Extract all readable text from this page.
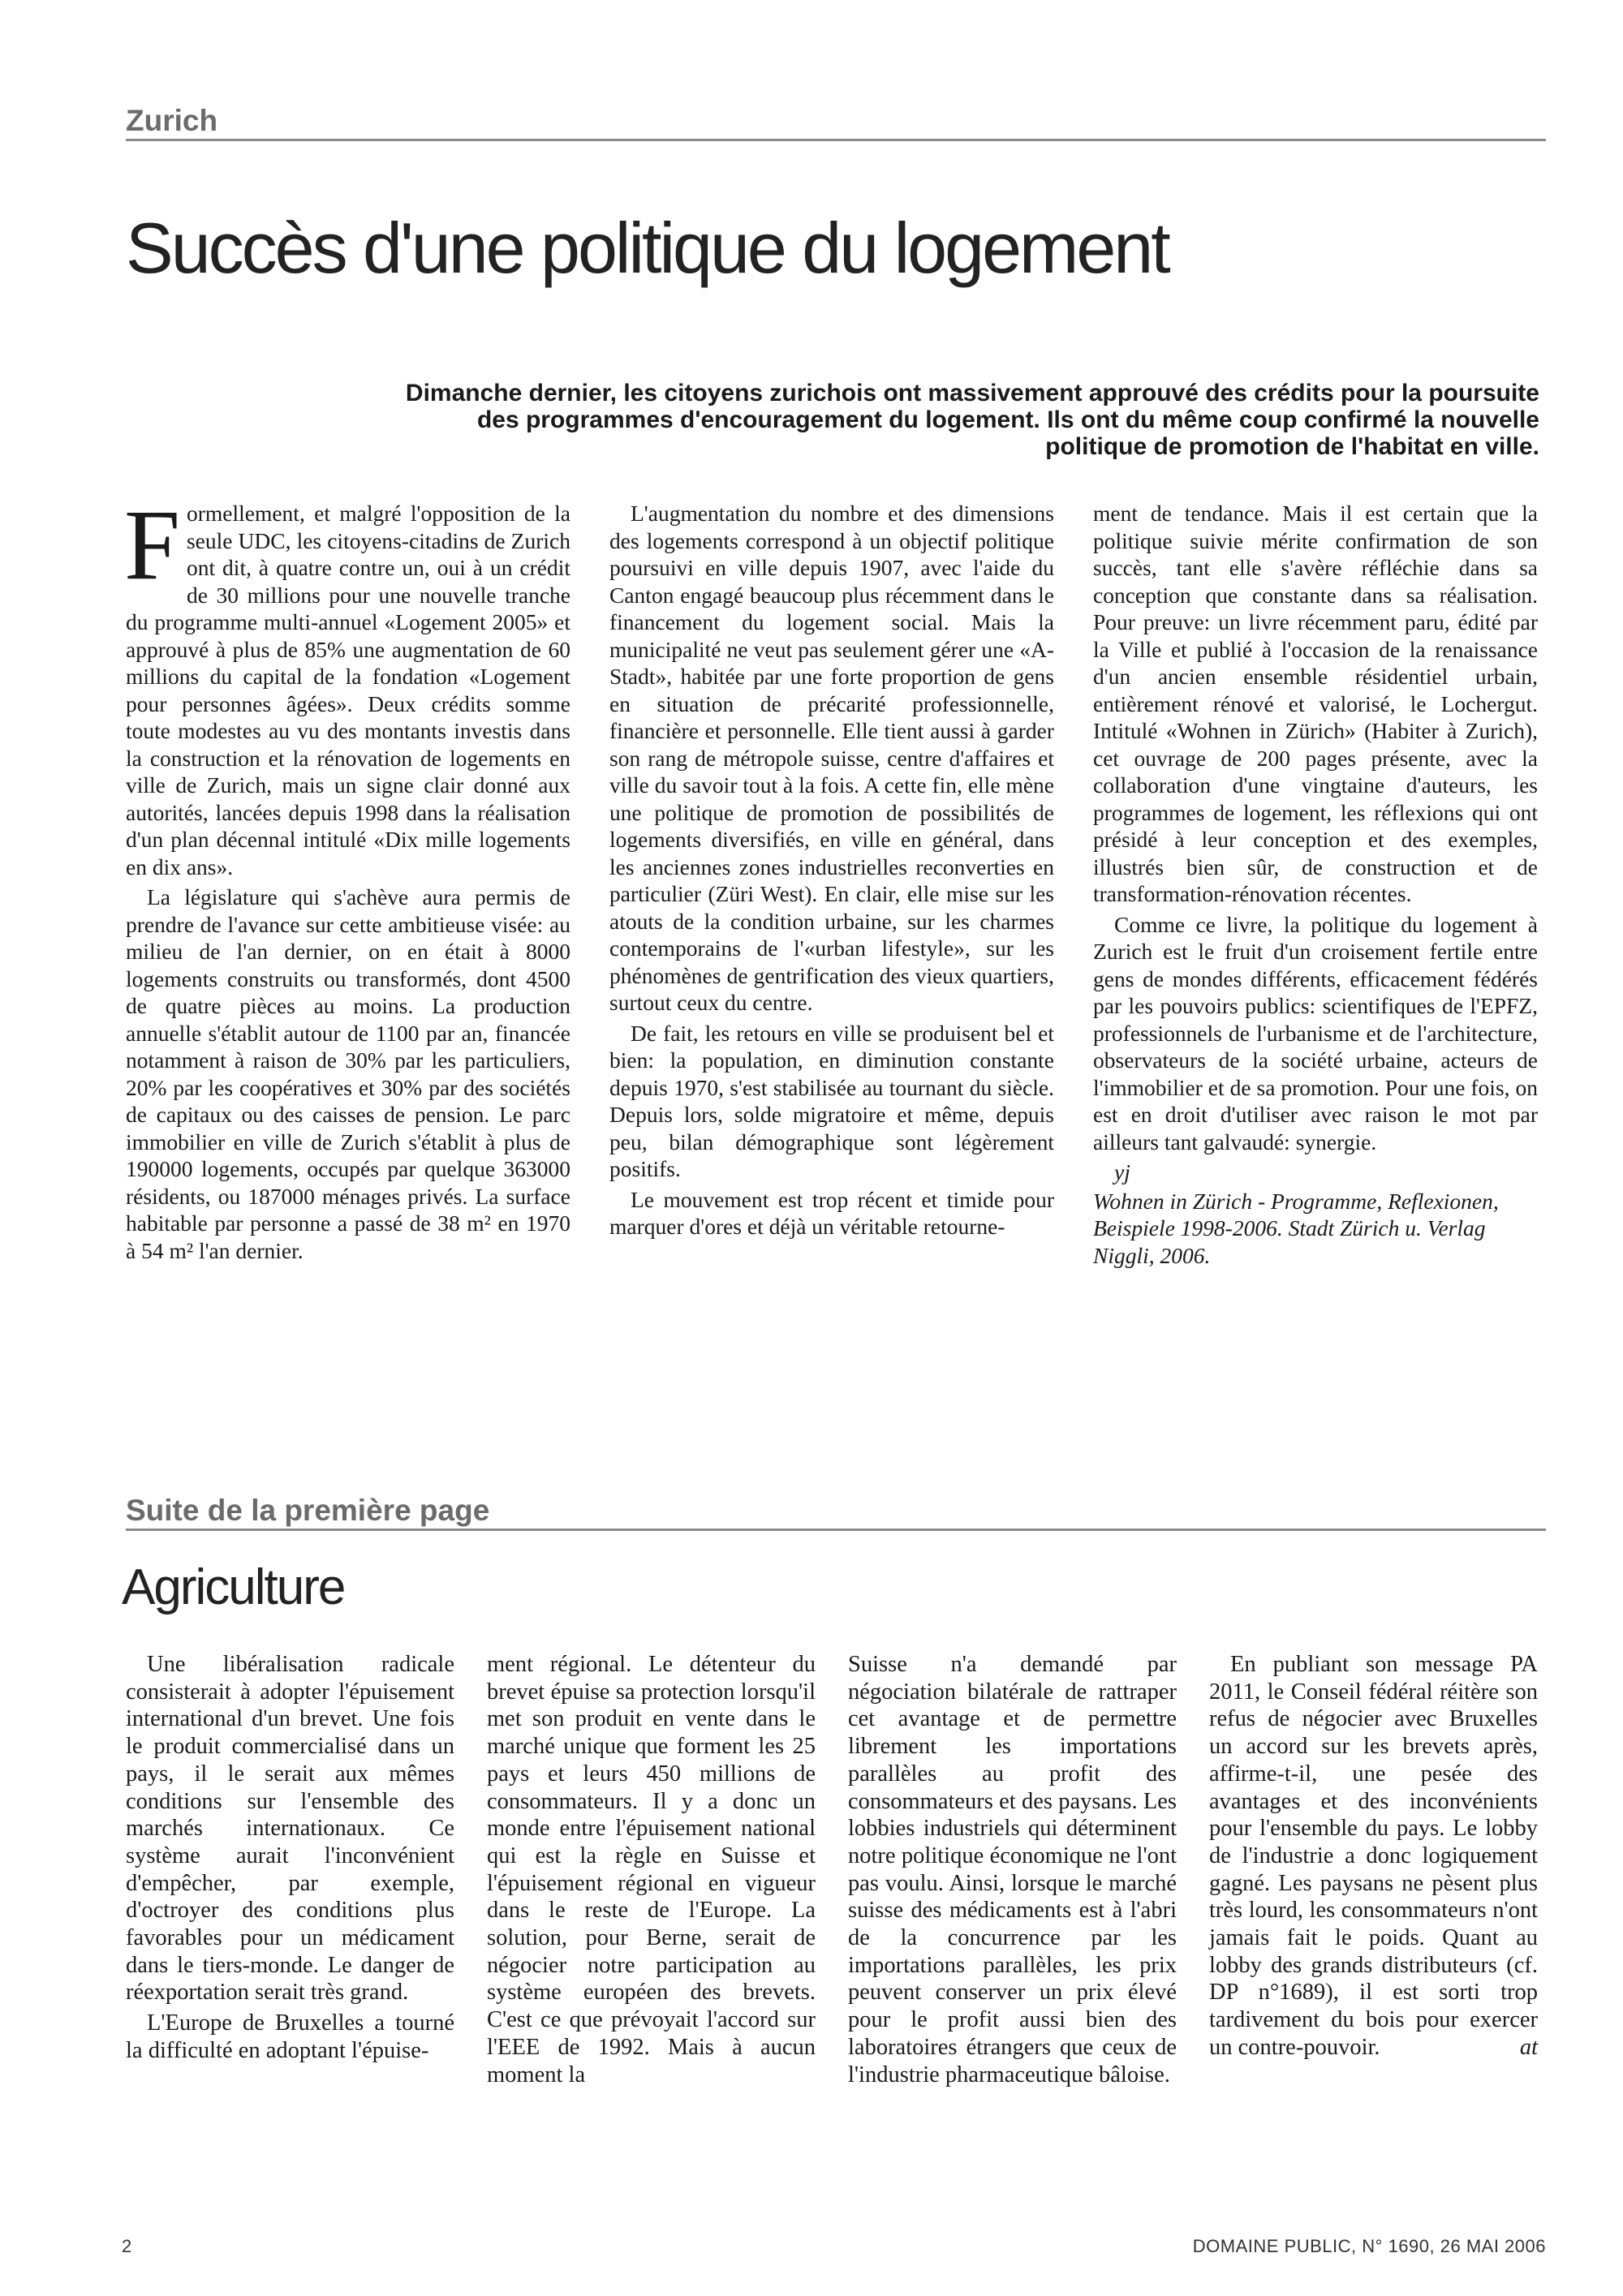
Zurich
Succès d'une politique du logement

Dimanche dernier, les citoyens zurichois ont massivement approuvé des crédits pour la poursuite des programmes d'encouragement du logement. Ils ont du même coup confirmé la nouvelle politique de promotion de l'habitat en ville.

Formellement, et malgré l'opposition de la seule UDC, les citoyens-citadins de Zurich ont dit, à quatre contre un, oui à un crédit de 30 millions pour une nouvelle tranche du programme multi-annuel «Logement 2005» et approuvé à plus de 85% une augmentation de 60 millions du capital de la fondation «Logement pour personnes âgées». Deux crédits somme toute modestes au vu des montants investis dans la construction et la rénovation de logements en ville de Zurich, mais un signe clair donné aux autorités, lancées depuis 1998 dans la réalisation d'un plan décennal intitulé «Dix mille logements en dix ans».

La législature qui s'achève aura permis de prendre de l'avance sur cette ambitieuse visée: au milieu de l'an dernier, on en était à 8000 logements construits ou transformés, dont 4500 de quatre pièces au moins. La production annuelle s'établit autour de 1100 par an, financée notamment à raison de 30% par les particuliers, 20% par les coopératives et 30% par des sociétés de capitaux ou des caisses de pension. Le parc immobilier en ville de Zurich s'établit à plus de 190000 logements, occupés par quelque 363000 résidents, ou 187000 ménages privés. La surface habitable par personne a passé de 38 m² en 1970 à 54 m² l'an dernier.

L'augmentation du nombre et des dimensions des logements correspond à un objectif politique poursuivi en ville depuis 1907, avec l'aide du Canton engagé beaucoup plus récemment dans le financement du logement social. Mais la municipalité ne veut pas seulement gérer une «A-Stadt», habitée par une forte proportion de gens en situation de précarité professionnelle, financière et personnelle. Elle tient aussi à garder son rang de métropole suisse, centre d'affaires et ville du savoir tout à la fois. A cette fin, elle mène une politique de promotion de possibilités de logements diversifiés, en ville en général, dans les anciennes zones industrielles reconverties en particulier (Züri West). En clair, elle mise sur les atouts de la condition urbaine, sur les charmes contemporains de l'«urban lifestyle», sur les phénomènes de gentrification des vieux quartiers, surtout ceux du centre.

De fait, les retours en ville se produisent bel et bien: la population, en diminution constante depuis 1970, s'est stabilisée au tournant du siècle. Depuis lors, solde migratoire et même, depuis peu, bilan démographique sont légèrement positifs.

Le mouvement est trop récent et timide pour marquer d'ores et déjà un véritable retourne-

ment de tendance. Mais il est certain que la politique suivie mérite confirmation de son succès, tant elle s'avère réfléchie dans sa conception que constante dans sa réalisation. Pour preuve: un livre récemment paru, édité par la Ville et publié à l'occasion de la renaissance d'un ancien ensemble résidentiel urbain, entièrement rénové et valorisé, le Lochergut. Intitulé «Wohnen in Zürich» (Habiter à Zurich), cet ouvrage de 200 pages présente, avec la collaboration d'une vingtaine d'auteurs, les programmes de logement, les réflexions qui ont présidé à leur conception et des exemples, illustrés bien sûr, de construction et de transformation-rénovation récentes.

Comme ce livre, la politique du logement à Zurich est le fruit d'un croisement fertile entre gens de mondes différents, efficacement fédérés par les pouvoirs publics: scientifiques de l'EPFZ, professionnels de l'urbanisme et de l'architecture, observateurs de la société urbaine, acteurs de l'immobilier et de sa promotion. Pour une fois, on est en droit d'utiliser avec raison le mot par ailleurs tant galvaudé: synergie.

yj

Wohnen in Zürich - Programme, Reflexionen, Beispiele 1998-2006. Stadt Zürich u. Verlag Niggli, 2006.

Suite de la première page
Agriculture

Une libéralisation radicale consisterait à adopter l'épuisement international d'un brevet. Une fois le produit commercialisé dans un pays, il le serait aux mêmes conditions sur l'ensemble des marchés internationaux. Ce système aurait l'inconvénient d'empêcher, par exemple, d'octroyer des conditions plus favorables pour un médicament dans le tiers-monde. Le danger de réexportation serait très grand.

L'Europe de Bruxelles a tourné la difficulté en adoptant l'épuise-

ment régional. Le détenteur du brevet épuise sa protection lorsqu'il met son produit en vente dans le marché unique que forment les 25 pays et leurs 450 millions de consommateurs. Il y a donc un monde entre l'épuisement national qui est la règle en Suisse et l'épuisement régional en vigueur dans le reste de l'Europe. La solution, pour Berne, serait de négocier notre participation au système européen des brevets. C'est ce que prévoyait l'accord sur l'EEE de 1992. Mais à aucun moment la

Suisse n'a demandé par négociation bilatérale de rattraper cet avantage et de permettre librement les importations parallèles au profit des consommateurs et des paysans. Les lobbies industriels qui déterminent notre politique économique ne l'ont pas voulu. Ainsi, lorsque le marché suisse des médicaments est à l'abri de la concurrence par les importations parallèles, les prix peuvent conserver un prix élevé pour le profit aussi bien des laboratoires étrangers que ceux de l'industrie pharmaceutique bâloise.

En publiant son message PA 2011, le Conseil fédéral réitère son refus de négocier avec Bruxelles un accord sur les brevets après, affirme-t-il, une pesée des avantages et des inconvénients pour l'ensemble du pays. Le lobby de l'industrie a donc logiquement gagné. Les paysans ne pèsent plus très lourd, les consommateurs n'ont jamais fait le poids. Quant au lobby des grands distributeurs (cf. DP n°1689), il est sorti trop tardivement du bois pour exercer un contre-pouvoir.	at

2	DOMAINE PUBLIC, N° 1690, 26 MAI 2006
